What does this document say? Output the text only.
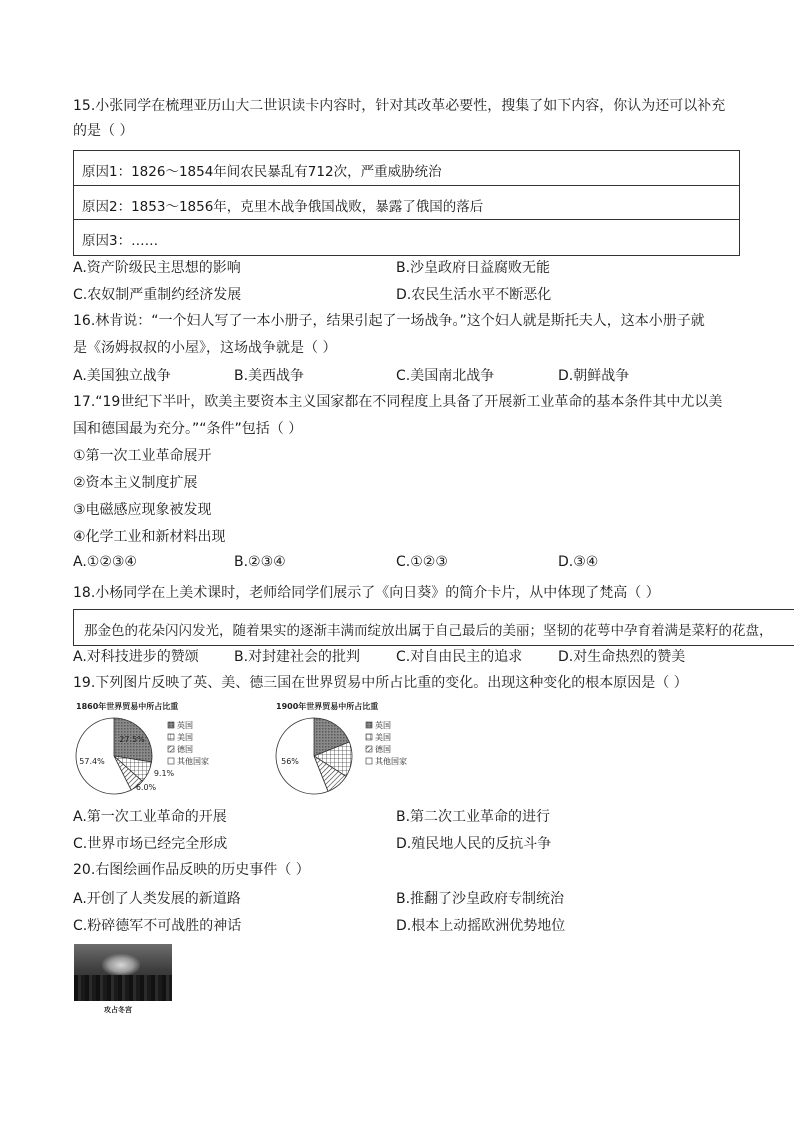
15.小张同学在梳理亚历山大二世识读卡内容时，针对其改革必要性，搜集了如下内容，你认为还可以补充
的是（ ）
原因1：1826～1854年间农民暴乱有712次，严重威胁统治
原因2：1853～1856年，克里木战争俄国战败，暴露了俄国的落后
原因3：……
A.资产阶级民主思想的影响	B.沙皇政府日益腐败无能
C.农奴制严重制约经济发展	D.农民生活水平不断恶化
16.林肯说：“一个妇人写了一本小册子，结果引起了一场战争。”这个妇人就是斯托夫人，这本小册子就
是《汤姆叔叔的小屋》，这场战争就是（ ）
A.美国独立战争	B.美西战争	C.美国南北战争	D.朝鲜战争
17.“19世纪下半叶，欧美主要资本主义国家都在不同程度上具备了开展新工业革命的基本条件其中尤以美
国和德国最为充分。”“条件”包括（ ）
①第一次工业革命展开
②资本主义制度扩展
③电磁感应现象被发现
④化学工业和新材料出现
A.①②③④	B.②③④	C.①②③	D.③④
18.小杨同学在上美术课时，老师给同学们展示了《向日葵》的简介卡片，从中体现了梵高（ ）
那金色的花朵闪闪发光，随着果实的逐渐丰满而绽放出属于自己最后的美丽；坚韧的花萼中孕育着满是菜籽的花盘，
A.对科技进步的赞颂	B.对封建社会的批判	C.对自由民主的追求	D.对生命热烈的赞美
19.下列图片反映了英、美、德三国在世界贸易中所占比重的变化。出现这种变化的根本原因是（ ）
1860年世界贸易中所占比重
27.5%
9.1%
6.0%
57.4%
英国
美国
德国
其他国家
1900年世界贸易中所占比重
56%
英国
美国
德国
其他国家
A.第一次工业革命的开展	B.第二次工业革命的进行
C.世界市场已经完全形成	D.殖民地人民的反抗斗争
20.右图绘画作品反映的历史事件（ ）
A.开创了人类发展的新道路	B.推翻了沙皇政府专制统治
C.粉碎德军不可战胜的神话	D.根本上动摇欧洲优势地位
攻占冬宫
